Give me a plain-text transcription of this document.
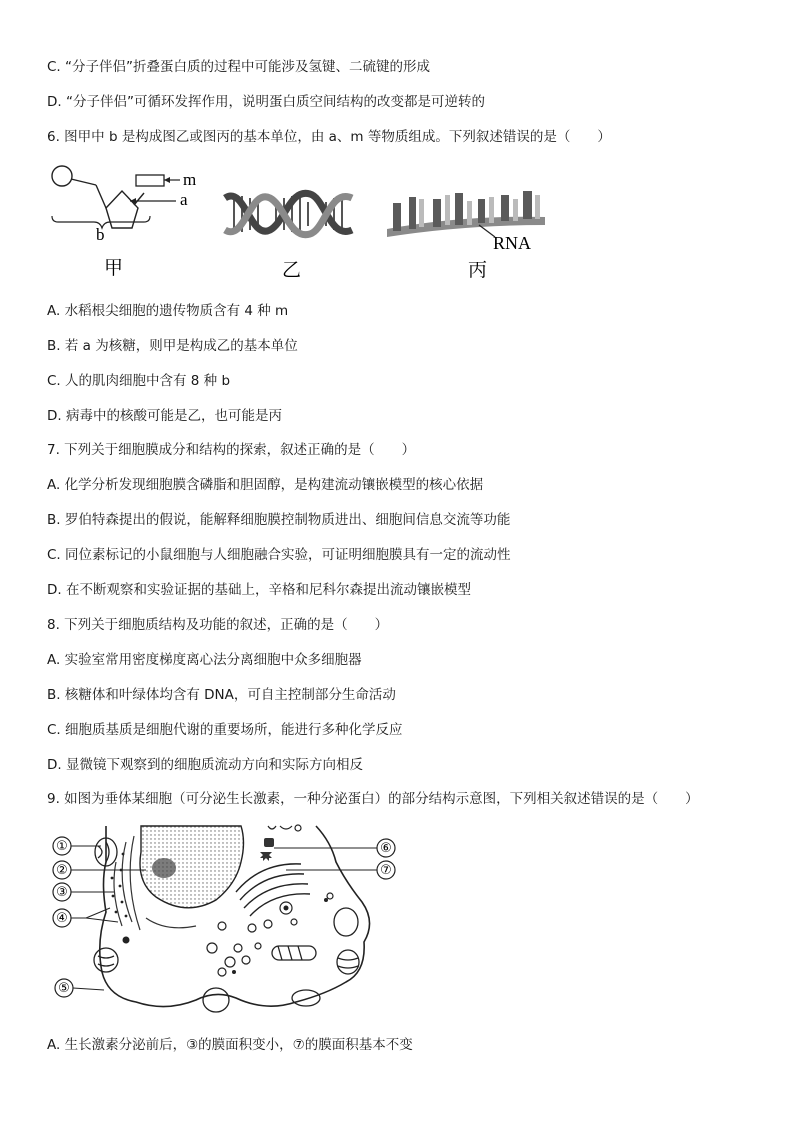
C. “分子伴侣”折叠蛋白质的过程中可能涉及氢键、二硫键的形成
D. “分子伴侣”可循环发挥作用，说明蛋白质空间结构的改变都是可逆转的
6. 图甲中 b 是构成图乙或图丙的基本单位，由 a、m 等物质组成。下列叙述错误的是（　　）
m
a
b
甲	乙
RNA
丙
A. 水稻根尖细胞的遗传物质含有 4 种 m
B. 若 a 为核糖，则甲是构成乙的基本单位
C. 人的肌肉细胞中含有 8 种 b
D. 病毒中的核酸可能是乙，也可能是丙
7. 下列关于细胞膜成分和结构的探索，叙述正确的是（　　）
A. 化学分析发现细胞膜含磷脂和胆固醇，是构建流动镶嵌模型的核心依据
B. 罗伯特森提出的假说，能解释细胞膜控制物质进出、细胞间信息交流等功能
C. 同位素标记的小鼠细胞与人细胞融合实验，可证明细胞膜具有一定的流动性
D. 在不断观察和实验证据的基础上，辛格和尼科尔森提出流动镶嵌模型
8. 下列关于细胞质结构及功能的叙述，正确的是（　　）
A. 实验室常用密度梯度离心法分离细胞中众多细胞器
B. 核糖体和叶绿体均含有 DNA，可自主控制部分生命活动
C. 细胞质基质是细胞代谢的重要场所，能进行多种化学反应
D. 显微镜下观察到的细胞质流动方向和实际方向相反
9. 如图为垂体某细胞（可分泌生长激素，一种分泌蛋白）的部分结构示意图，下列相关叙述错误的是（　　）
①
②
③
④
⑤
⑥
⑦
A. 生长激素分泌前后，③的膜面积变小，⑦的膜面积基本不变
